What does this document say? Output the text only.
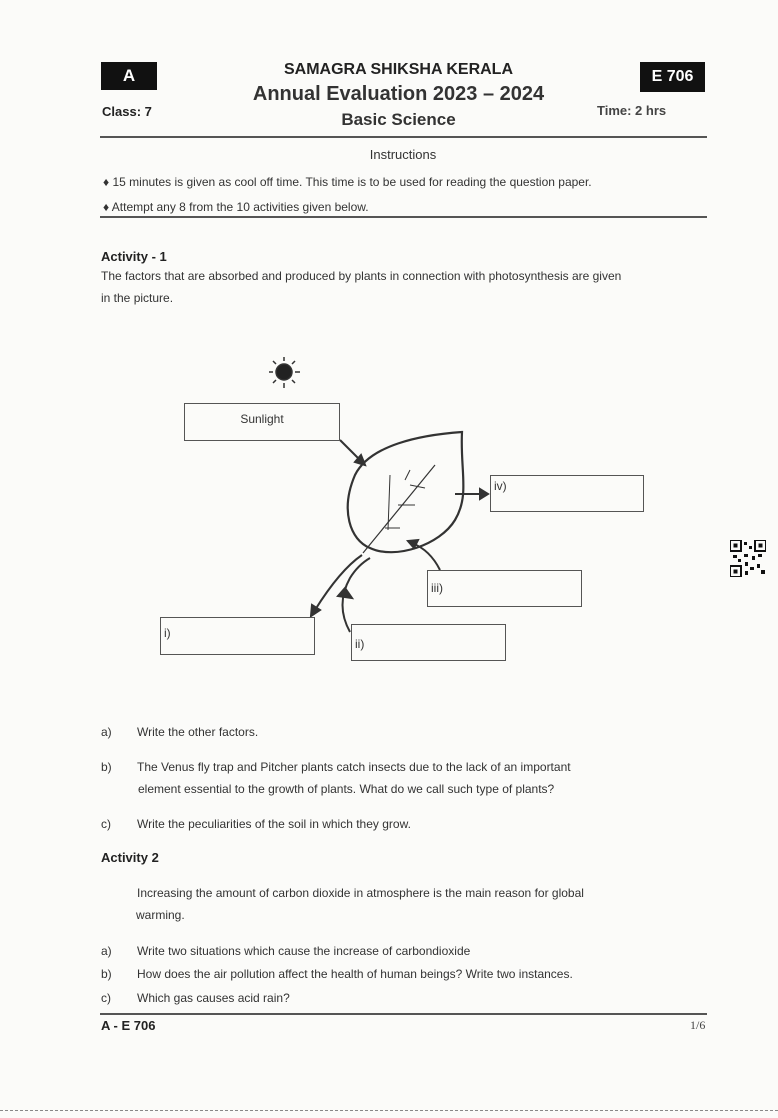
A	E 706
SAMAGRA SHIKSHA KERALA
Annual Evaluation 2023 – 2024
Basic Science
Class: 7	Time: 2 hrs
Instructions
♦ 15 minutes is given as cool off time. This time is to be used for reading the question paper.
♦ Attempt any 8 from the 10 activities given below.
Activity - 1
The factors that are absorbed and produced by plants in connection with photosynthesis are given
in the picture.
Sunlight
iv)
iii)
i)
ii)
a) Write the other factors.
b) The Venus fly trap and Pitcher plants catch insects due to the lack of an important
element essential to the growth of plants. What do we call such type of plants?
c) Write the peculiarities of the soil in which they grow.
Activity 2
Increasing the amount of carbon dioxide in atmosphere is the main reason for global
warming.
a) Write two situations which cause the increase of carbondioxide
b) How does the air pollution affect the health of human beings? Write two instances.
c) Which gas causes acid rain?
A - E 706	1/6
